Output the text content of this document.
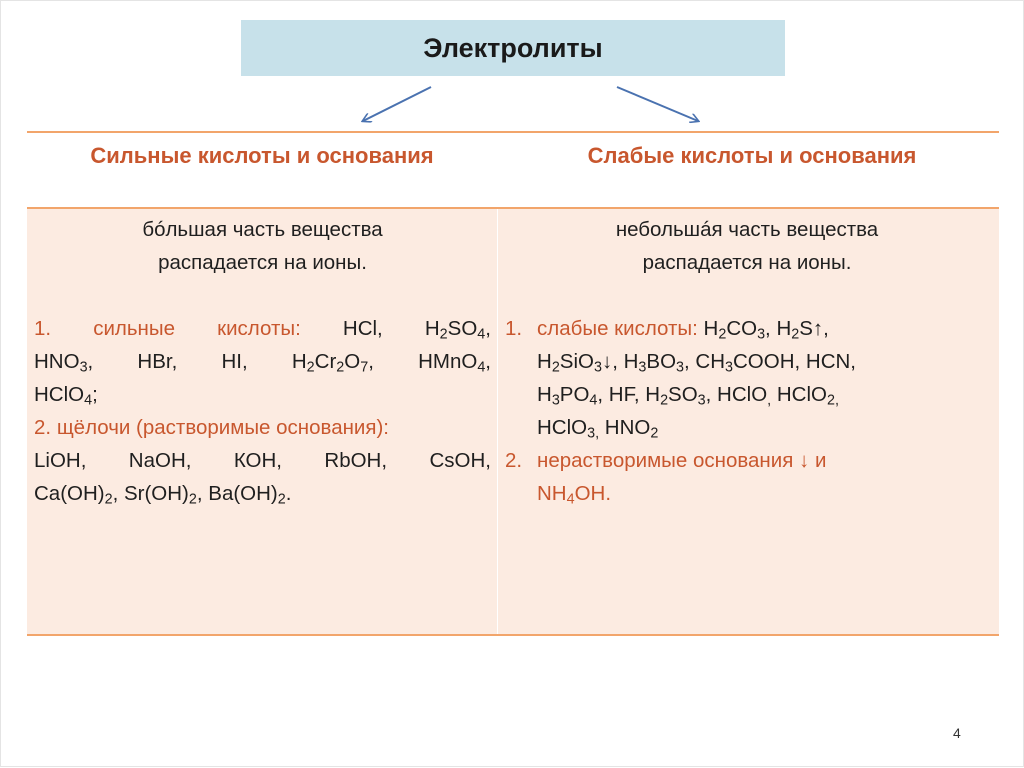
Электролиты
Сильные кислоты и основания	Слабые кислоты и основания
бóльшая часть вещества
распадается на ионы.
1. сильные кислоты: HCl, $H_2SO_4$,
$HNO_3$, HBr, HI, $H_2Cr_2O_7$, HMnO$_4$,
HClO$_4$;
2. щёлочи (растворимые основания):
LiOH, NaOH, КОН, RbOH, CsOH,
$Ca(OH)_2$, $Sr(OH)_2$, $Ba(OH)_2$.
небольшáя часть вещества
распадается на ионы.
1. слабые кислоты: $H_2CO_3$, $H_2S↑$,
$H_2SiO_3↓$, $H_3BO_3$, $CH_3COOH$, HCN,
$H_3PO_4$, HF, $H_2SO_3$, HClO$_,$ HClO$_{2,}$
HClO$_{3,}$ $HNO_2$
2. нерастворимые основания ↓ и
$NH_4OH$.
4
